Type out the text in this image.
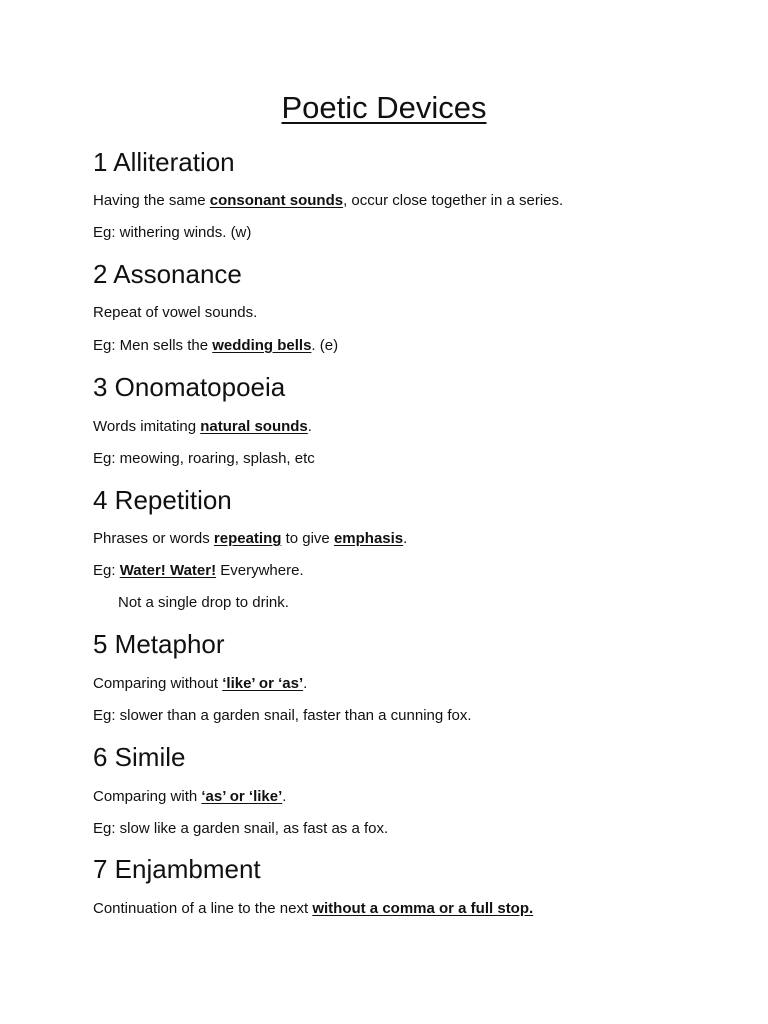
Poetic Devices
1 Alliteration
Having the same consonant sounds, occur close together in a series.
Eg: withering winds. (w)
2 Assonance
Repeat of vowel sounds.
Eg: Men sells the wedding bells. (e)
3 Onomatopoeia
Words imitating natural sounds.
Eg: meowing, roaring, splash, etc
4 Repetition
Phrases or words repeating to give emphasis.
Eg: Water! Water! Everywhere.
Not a single drop to drink.
5 Metaphor
Comparing without ‘like’ or ‘as’.
Eg: slower than a garden snail, faster than a cunning fox.
6 Simile
Comparing with ‘as’ or ‘like’.
Eg: slow like a garden snail, as fast as a fox.
7 Enjambment
Continuation of a line to the next without a comma or a full stop.
